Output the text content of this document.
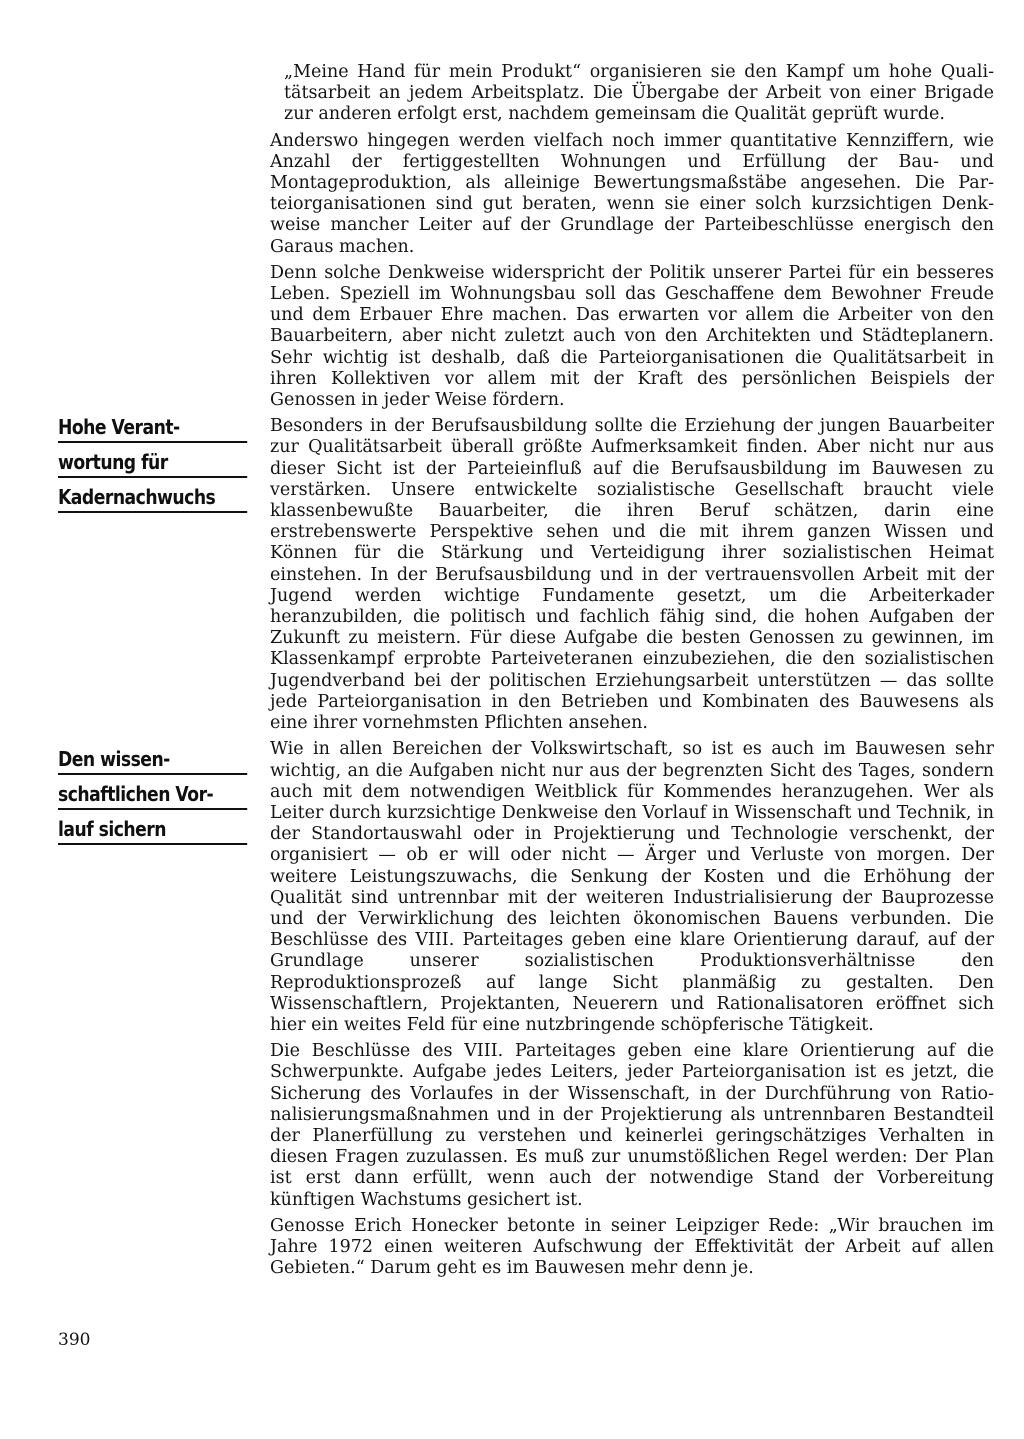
Hohe Verant-
wortung für
Kadernachwuchs
Den wissen-
schaftlichen Vor-
lauf sichern

„Meine Hand für mein Produkt“ organisieren sie den Kampf um hohe Qualitätsarbeit an jedem Arbeitsplatz. Die Übergabe der Arbeit von einer Brigade zur anderen erfolgt erst, nachdem gemeinsam die Qualität geprüft wurde.

Anderswo hingegen werden vielfach noch immer quantitative Kennziffern, wie Anzahl der fertiggestellten Wohnungen und Erfüllung der Bau- und Montageproduktion, als alleinige Bewertungsmaßstäbe angesehen. Die Parteiorganisationen sind gut beraten, wenn sie einer solch kurzsichtigen Denkweise mancher Leiter auf der Grundlage der Parteibeschlüsse energisch den Garaus machen.

Denn solche Denkweise widerspricht der Politik unserer Partei für ein besseres Leben. Speziell im Wohnungsbau soll das Geschaffene dem Bewohner Freude und dem Erbauer Ehre machen. Das erwarten vor allem die Arbeiter von den Bauarbeitern, aber nicht zuletzt auch von den Architekten und Städteplanern. Sehr wichtig ist deshalb, daß die Parteiorganisationen die Qualitätsarbeit in ihren Kollektiven vor allem mit der Kraft des persönlichen Beispiels der Genossen in jeder Weise fördern.

Besonders in der Berufsausbildung sollte die Erziehung der jungen Bauarbeiter zur Qualitätsarbeit überall größte Aufmerksamkeit finden. Aber nicht nur aus dieser Sicht ist der Parteieinfluß auf die Berufsausbildung im Bauwesen zu verstärken. Unsere entwickelte sozialistische Gesellschaft braucht viele klassenbewußte Bauarbeiter, die ihren Beruf schätzen, darin eine erstrebenswerte Perspektive sehen und die mit ihrem ganzen Wissen und Können für die Stärkung und Verteidigung ihrer sozialistischen Heimat einstehen. In der Berufsausbildung und in der vertrauensvollen Arbeit mit der Jugend werden wichtige Fundamente gesetzt, um die Arbeiterkader heranzubilden, die politisch und fachlich fähig sind, die hohen Aufgaben der Zukunft zu meistern. Für diese Aufgabe die besten Genossen zu gewinnen, im Klassenkampf erprobte Parteiveteranen einzubeziehen, die den sozialistischen Jugendverband bei der politischen Erziehungsarbeit unterstützen — das sollte jede Parteiorganisation in den Betrieben und Kombinaten des Bauwesens als eine ihrer vornehmsten Pflichten ansehen.

Wie in allen Bereichen der Volkswirtschaft, so ist es auch im Bauwesen sehr wichtig, an die Aufgaben nicht nur aus der begrenzten Sicht des Tages, sondern auch mit dem notwendigen Weitblick für Kommendes heranzugehen. Wer als Leiter durch kurzsichtige Denkweise den Vorlauf in Wissenschaft und Technik, in der Standortauswahl oder in Projektierung und Technologie verschenkt, der organisiert — ob er will oder nicht — Ärger und Verluste von morgen. Der weitere Leistungszuwachs, die Senkung der Kosten und die Erhöhung der Qualität sind untrennbar mit der weiteren Industrialisierung der Bauprozesse und der Verwirklichung des leichten ökonomischen Bauens verbunden. Die Beschlüsse des VIII. Parteitages geben eine klare Orientierung darauf, auf der Grundlage unserer sozialistischen Produktionsverhältnisse den Reproduktionsprozeß auf lange Sicht planmäßig zu gestalten. Den Wissenschaftlern, Projektanten, Neuerern und Rationalisatoren eröffnet sich hier ein weites Feld für eine nutzbringende schöpferische Tätigkeit.

Die Beschlüsse des VIII. Parteitages geben eine klare Orientierung auf die Schwerpunkte. Aufgabe jedes Leiters, jeder Parteiorganisation ist es jetzt, die Sicherung des Vorlaufes in der Wissenschaft, in der Durchführung von Rationalisierungsmaßnahmen und in der Projektierung als untrennbaren Bestandteil der Planerfüllung zu verstehen und keinerlei geringschätziges Verhalten in diesen Fragen zuzulassen. Es muß zur unumstößlichen Regel werden: Der Plan ist erst dann erfüllt, wenn auch der notwendige Stand der Vorbereitung künftigen Wachstums gesichert ist.

Genosse Erich Honecker betonte in seiner Leipziger Rede: „Wir brauchen im Jahre 1972 einen weiteren Aufschwung der Effektivität der Arbeit auf allen Gebieten.“ Darum geht es im Bauwesen mehr denn je.

390
